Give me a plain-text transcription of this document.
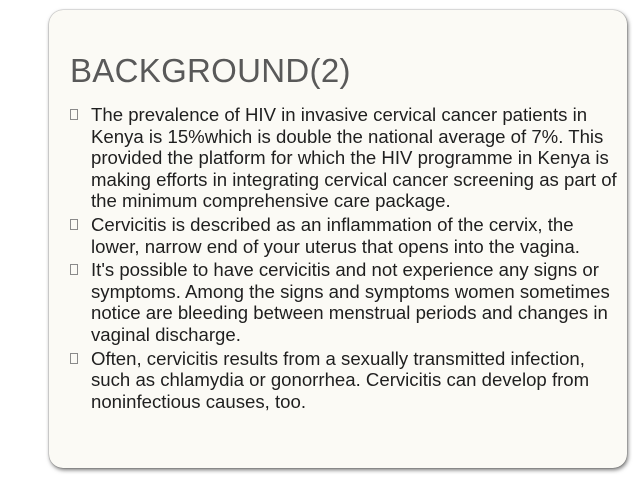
BACKGROUND(2)
The prevalence of HIV in invasive cervical cancer patients in Kenya is 15%which is double the national average of 7%. This provided the platform for which the HIV programme in Kenya is making efforts in integrating cervical cancer screening as part of the minimum comprehensive care package.
Cervicitis is described as an inflammation of the cervix, the lower, narrow end of your uterus that opens into the vagina.
It's possible to have cervicitis and not experience any signs or symptoms. Among the signs and symptoms women sometimes notice are bleeding between menstrual periods and changes in vaginal discharge.
Often, cervicitis results from a sexually transmitted infection, such as chlamydia or gonorrhea. Cervicitis can develop from noninfectious causes, too.
